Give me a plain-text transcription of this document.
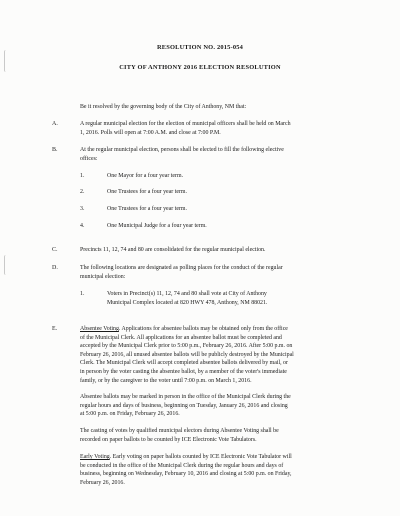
RESOLUTION NO. 2015-054
CITY OF ANTHONY 2016 ELECTION RESOLUTION
Be it resolved by the governing body of the City of Anthony, NM that:
A.	A regular municipal election for the election of municipal officers shall be held on March
1, 2016. Polls will open at 7:00 A.M. and close at 7:00 P.M.
B.	At the regular municipal election, persons shall be elected to fill the following elective
offices:
1.	One Mayor for a four year term.
2.	One Trustees for a four year term.
3.	One Trustees for a four year term.
4.	One Municipal Judge for a four year term.
C.	Precincts 11, 12, 74 and 80 are consolidated for the regular municipal election.
D.	The following locations are designated as polling places for the conduct of the regular
municipal election:
1.	Voters in Precinct(s) 11, 12, 74 and 80 shall vote at City of Anthony
Municipal Complex located at 820 HWY 478, Anthony, NM 88021.
E.	Absentee Voting. Applications for absentee ballots may be obtained only from the office
of the Municipal Clerk. All applications for an absentee ballot must be completed and
accepted by the Municipal Clerk prior to 5:00 p.m., February 26, 2016. After 5:00 p.m. on
February 26, 2016, all unused absentee ballots will be publicly destroyed by the Municipal
Clerk. The Municipal Clerk will accept completed absentee ballots delivered by mail, or
in person by the voter casting the absentee ballot, by a member of the voter's immediate
family, or by the caregiver to the voter until 7:00 p.m. on March 1, 2016.
Absentee ballots may be marked in person in the office of the Municipal Clerk during the
regular hours and days of business, beginning on Tuesday, January 26, 2016 and closing
at 5:00 p.m. on Friday, February 26, 2016.
The casting of votes by qualified municipal electors during Absentee Voting shall be
recorded on paper ballots to be counted by ICE Electronic Vote Tabulators.
Early Voting. Early voting on paper ballots counted by ICE Electronic Vote Tabulator will
be conducted in the office of the Municipal Clerk during the regular hours and days of
business, beginning on Wednesday, February 10, 2016 and closing at 5:00 p.m. on Friday,
February 26, 2016.
